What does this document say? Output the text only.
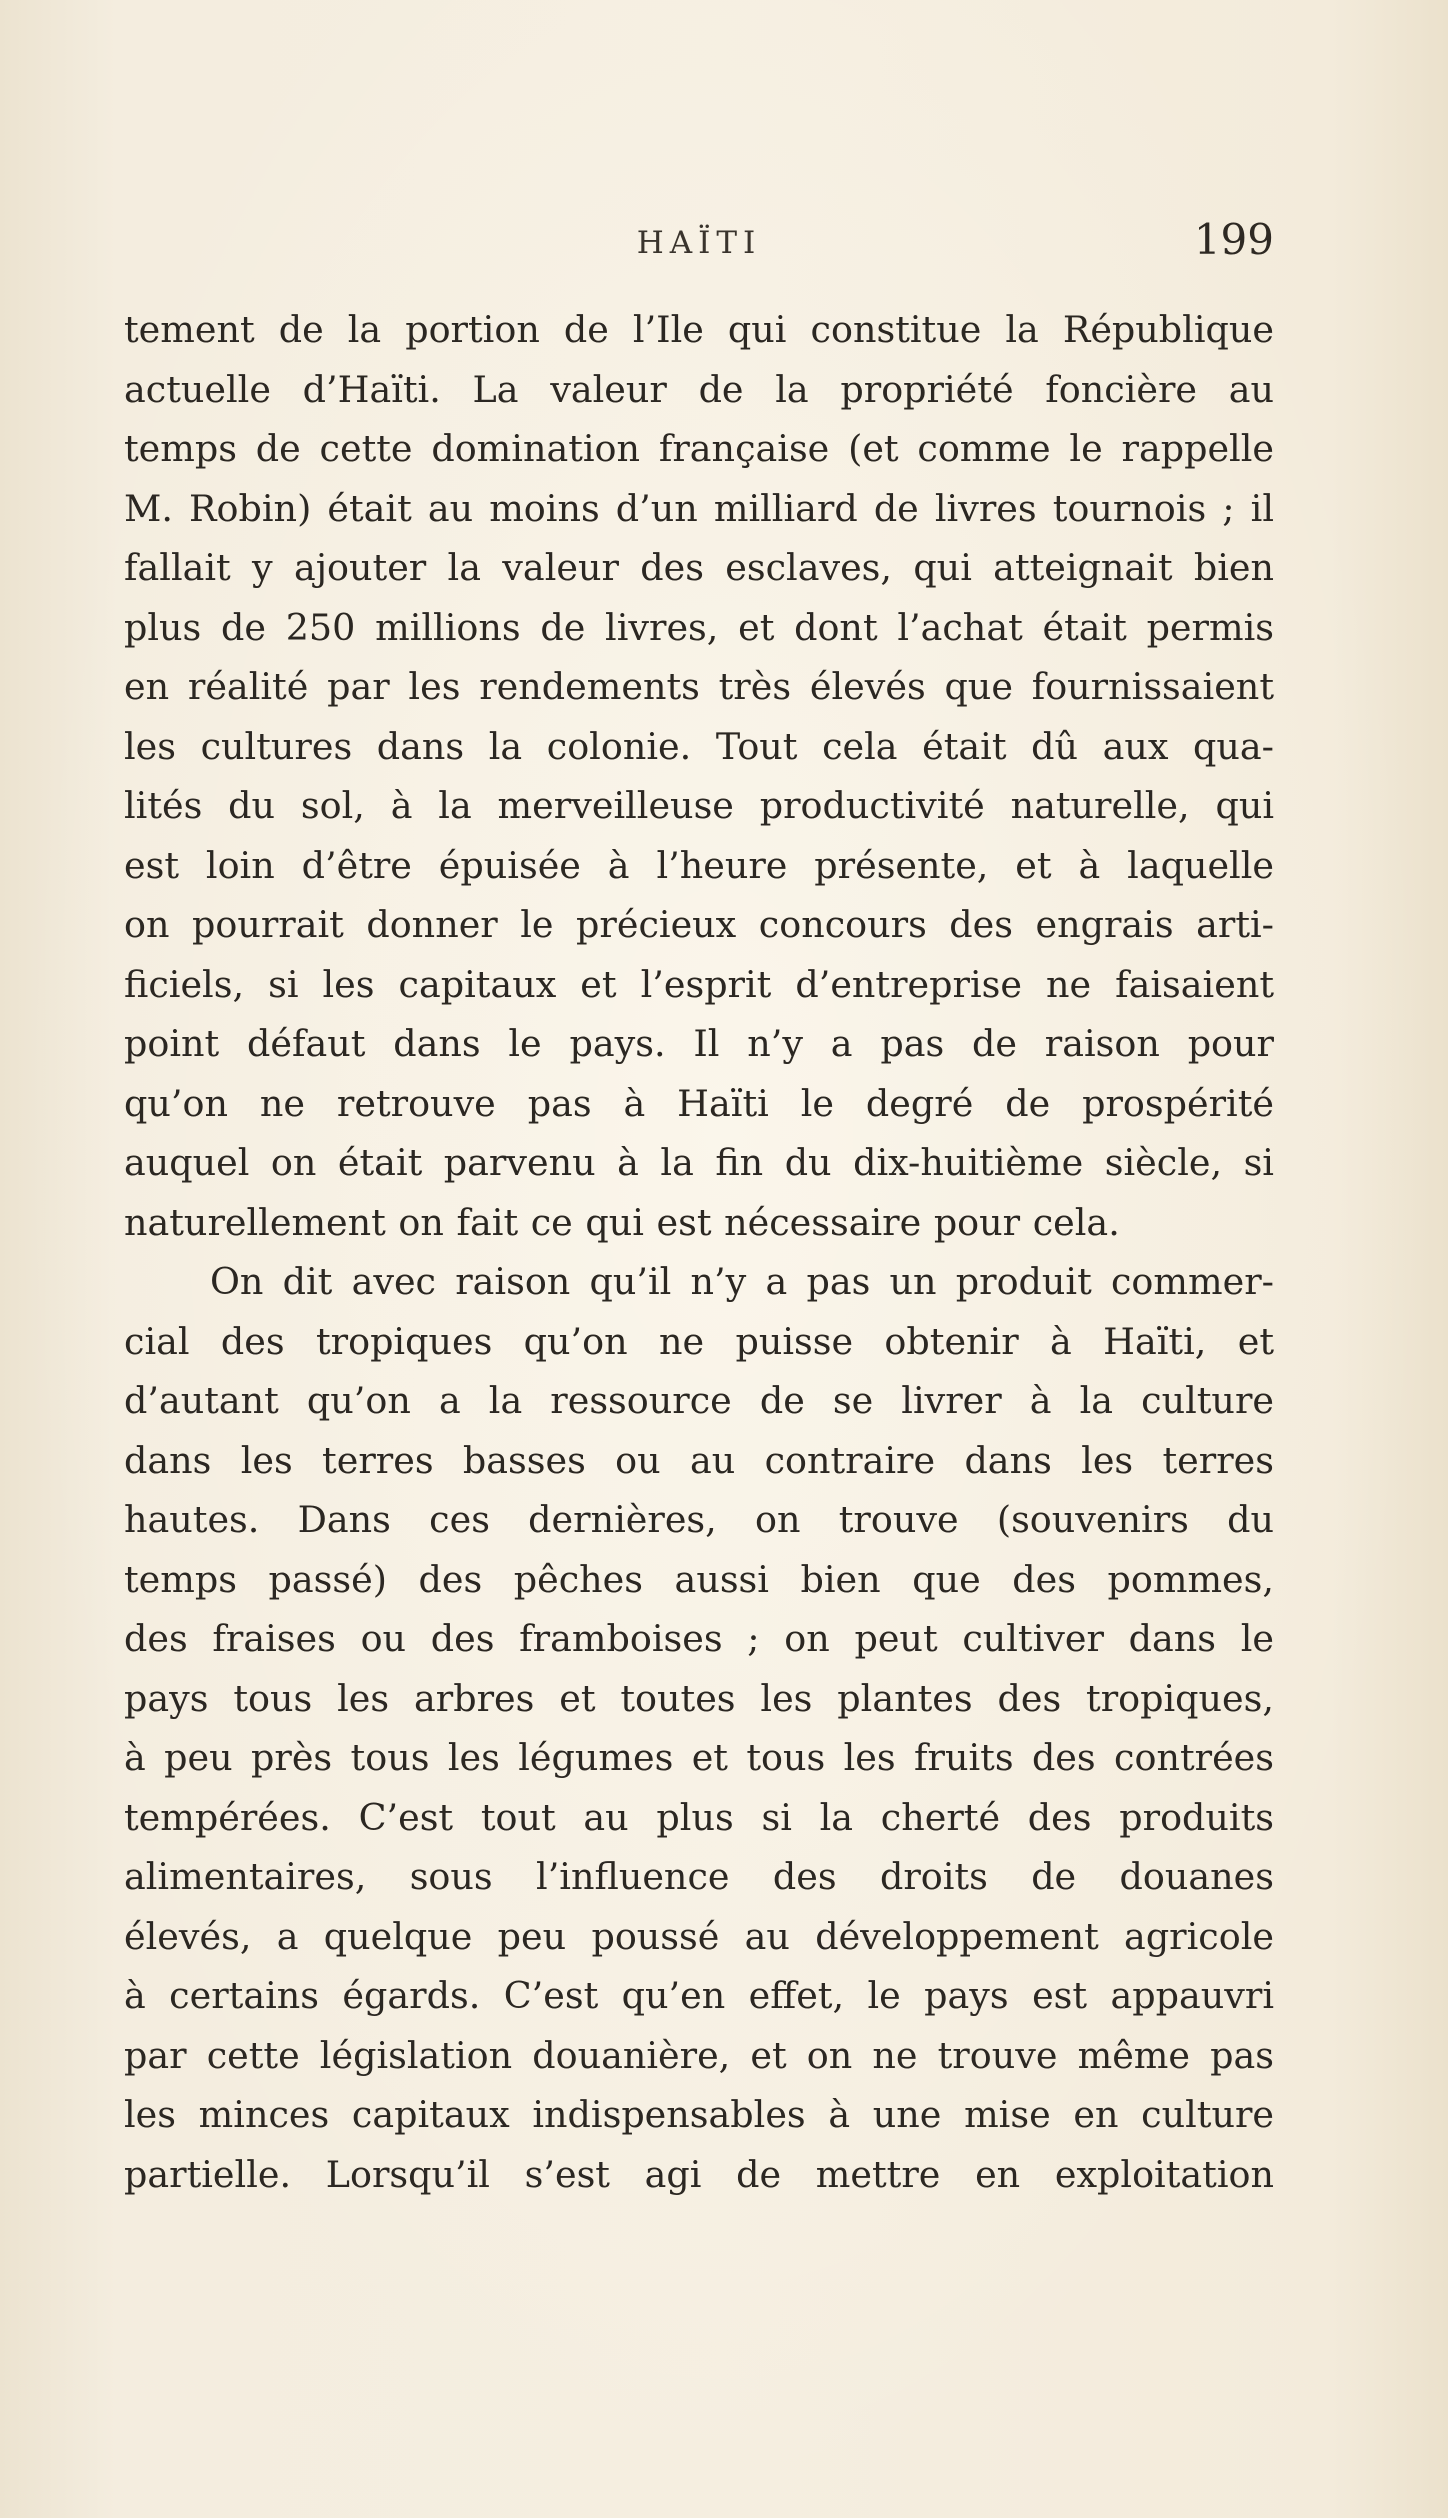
HAÏTI	199
tement de la portion de l’Ile qui constitue la République
actuelle d’Haïti. La valeur de la propriété foncière au
temps de cette domination française (et comme le rappelle
M. Robin) était au moins d’un milliard de livres tournois ; il
fallait y ajouter la valeur des esclaves, qui atteignait bien
plus de 250 millions de livres, et dont l’achat était permis
en réalité par les rendements très élevés que fournissaient
les cultures dans la colonie. Tout cela était dû aux qua-
lités du sol, à la merveilleuse productivité naturelle, qui
est loin d’être épuisée à l’heure présente, et à laquelle
on pourrait donner le précieux concours des engrais arti-
ficiels, si les capitaux et l’esprit d’entreprise ne faisaient
point défaut dans le pays. Il n’y a pas de raison pour
qu’on ne retrouve pas à Haïti le degré de prospérité
auquel on était parvenu à la fin du dix-huitième siècle, si
naturellement on fait ce qui est nécessaire pour cela.
On dit avec raison qu’il n’y a pas un produit commer-
cial des tropiques qu’on ne puisse obtenir à Haïti, et
d’autant qu’on a la ressource de se livrer à la culture
dans les terres basses ou au contraire dans les terres
hautes. Dans ces dernières, on trouve (souvenirs du
temps passé) des pêches aussi bien que des pommes,
des fraises ou des framboises ; on peut cultiver dans le
pays tous les arbres et toutes les plantes des tropiques,
à peu près tous les légumes et tous les fruits des contrées
tempérées. C’est tout au plus si la cherté des produits
alimentaires, sous l’influence des droits de douanes
élevés, a quelque peu poussé au développement agricole
à certains égards. C’est qu’en effet, le pays est appauvri
par cette législation douanière, et on ne trouve même pas
les minces capitaux indispensables à une mise en culture
partielle. Lorsqu’il s’est agi de mettre en exploitation
